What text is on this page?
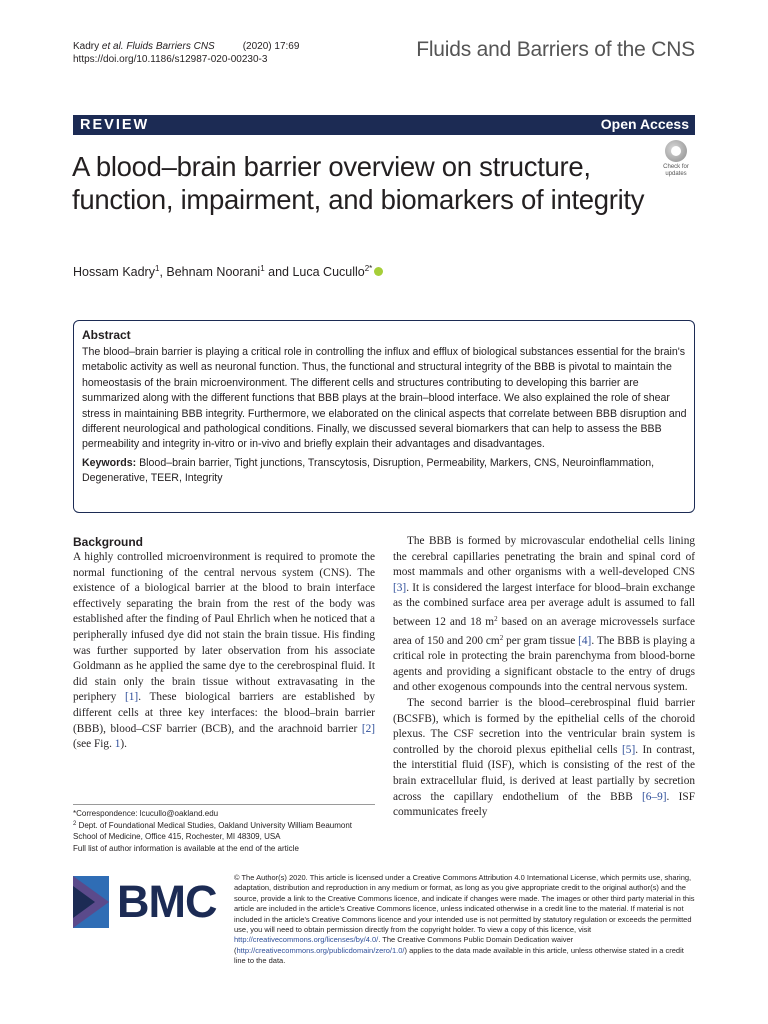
Kadry et al. Fluids Barriers CNS	(2020) 17:69
https://doi.org/10.1186/s12987-020-00230-3	Fluids and Barriers of the CNS
REVIEW	Open Access
A blood–brain barrier overview on structure, function, impairment, and biomarkers of integrity
Check for
updates
Hossam Kadry$^1$, Behnam Noorani$^1$ and Luca Cucullo$^{2*}$
Abstract
The blood–brain barrier is playing a critical role in controlling the influx and efflux of biological substances essential for the brain's metabolic activity as well as neuronal function. Thus, the functional and structural integrity of the BBB is pivotal to maintain the homeostasis of the brain microenvironment. The different cells and structures contributing to developing this barrier are summarized along with the different functions that BBB plays at the brain–blood interface. We also explained the role of shear stress in maintaining BBB integrity. Furthermore, we elaborated on the clinical aspects that correlate between BBB disruption and different neurological and pathological conditions. Finally, we discussed several biomarkers that can help to assess the BBB permeability and integrity in-vitro or in-vivo and briefly explain their advantages and disadvantages.
Keywords: Blood–brain barrier, Tight junctions, Transcytosis, Disruption, Permeability, Markers, CNS, Neuroinflammation, Degenerative, TEER, Integrity
Background
A highly controlled microenvironment is required to promote the normal functioning of the central nervous system (CNS). The existence of a biological barrier at the blood to brain interface effectively separating the brain from the rest of the body was established after the finding of Paul Ehrlich when he noticed that a peripherally infused dye did not stain the brain tissue. His finding was further supported by later observation from his associate Goldmann as he applied the same dye to the cerebrospinal fluid. It did stain only the brain tissue without extravasating in the periphery [1]. These biological barriers are established by different cells at three key interfaces: the blood–brain barrier (BBB), blood–CSF barrier (BCB), and the arachnoid barrier [2] (see Fig. 1).
The BBB is formed by microvascular endothelial cells lining the cerebral capillaries penetrating the brain and spinal cord of most mammals and other organisms with a well-developed CNS [3]. It is considered the largest interface for blood–brain exchange as the combined surface area per average adult is assumed to fall between 12 and 18 $m^2$ based on an average microvessels surface area of 150 and 200 $cm^2$ per gram tissue [4]. The BBB is playing a critical role in protecting the brain parenchyma from blood-borne agents and providing a significant obstacle to the entry of drugs and other exogenous compounds into the central nervous system.
The second barrier is the blood–cerebrospinal fluid barrier (BCSFB), which is formed by the epithelial cells of the choroid plexus. The CSF secretion into the ventricular brain system is controlled by the choroid plexus epithelial cells [5]. In contrast, the interstitial fluid (ISF), which is consisting of the rest of the brain extracellular fluid, is derived at least partially by secretion across the capillary endothelium of the BBB [6–9]. ISF communicates freely
*Correspondence: lcucullo@oakland.edu
$^2$ Dept. of Foundational Medical Studies, Oakland University William Beaumont School of Medicine, Office 415, Rochester, MI 48309, USA
Full list of author information is available at the end of the article
BMC © The Author(s) 2020. This article is licensed under a Creative Commons Attribution 4.0 International License, which permits use, sharing, adaptation, distribution and reproduction in any medium or format, as long as you give appropriate credit to the original author(s) and the source, provide a link to the Creative Commons licence, and indicate if changes were made. The images or other third party material in this article are included in the article's Creative Commons licence, unless indicated otherwise in a credit line to the material. If material is not included in the article's Creative Commons licence and your intended use is not permitted by statutory regulation or exceeds the permitted use, you will need to obtain permission directly from the copyright holder. To view a copy of this licence, visit http://creativecommons.org/licenses/by/4.0/. The Creative Commons Public Domain Dedication waiver (http://creativecommons.org/publicdomain/zero/1.0/) applies to the data made available in this article, unless otherwise stated in a credit line to the data.
